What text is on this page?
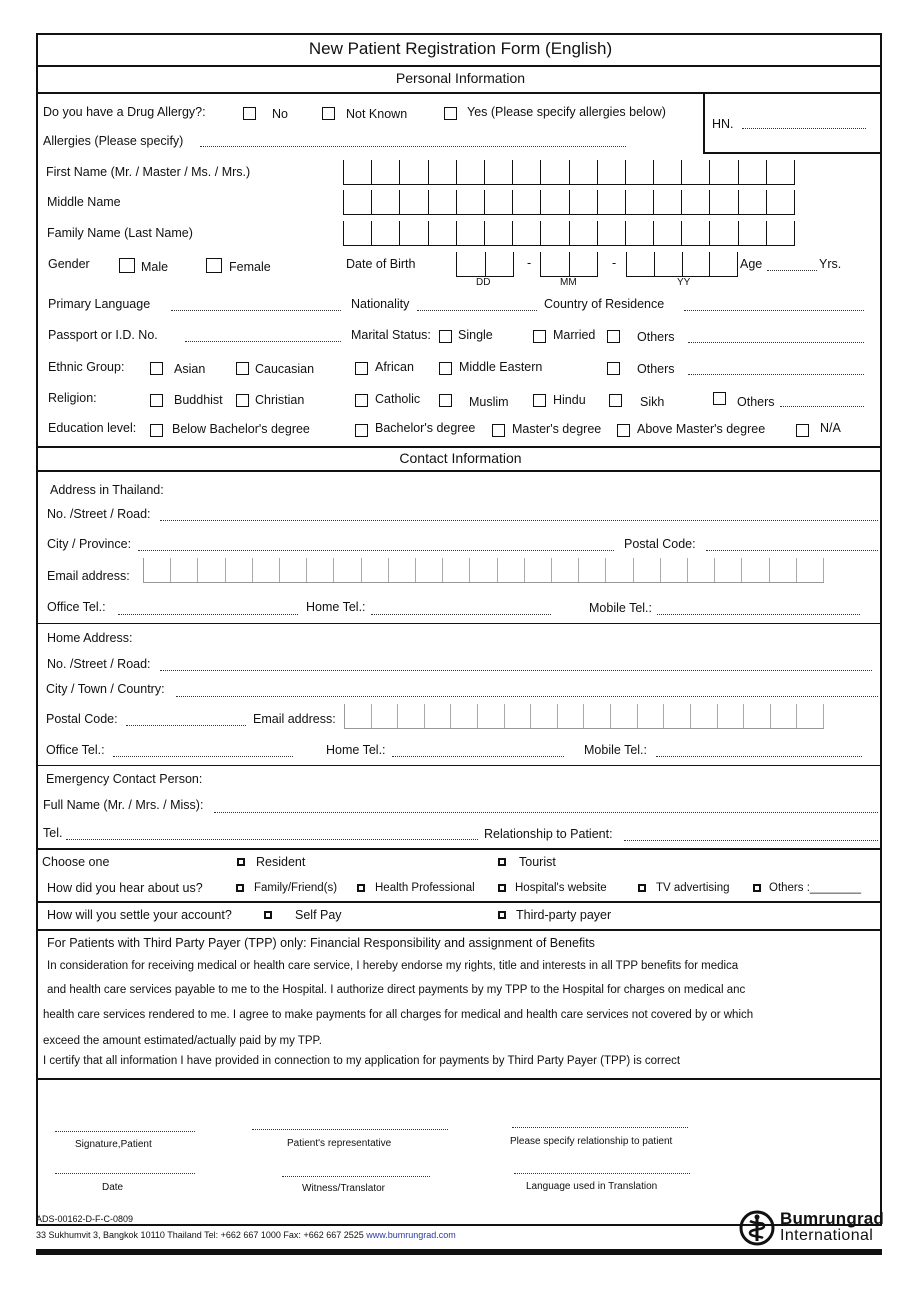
New Patient Registration Form (English)
Personal Information
Do you have a Drug Allergy?:	No	Not Known	Yes (Please specify allergies below)
HN.
Allergies (Please specify)
First Name (Mr. / Master / Ms. / Mrs.)
Middle Name
Family Name (Last Name)
Gender	Male	Female	Date of Birth	-	-
DD	MM	YY
Age	Yrs.
Primary Language	Nationality	Country of Residence
Passport or I.D. No.	Marital Status: Single	Married	Others
Ethnic Group:	Asian	Caucasian	African	Middle Eastern	Others
Religion:	Buddhist	Christian	Catholic	Muslim	Hindu	Sikh	Others
Education level:	Below Bachelor's degree	Bachelor's degree	Master's degree	Above Master's degree	N/A
Contact Information
Address in Thailand:
No. /Street / Road:
City / Province:	Postal Code:
Email address:
Office Tel.:	Home Tel.:	Mobile Tel.:
Home Address:
No. /Street / Road:
City / Town / Country:
Postal Code:	Email address:
Office Tel.:	Home Tel.:	Mobile Tel.:
Emergency Contact Person:
Full Name (Mr. / Mrs. / Miss):
Tel.	Relationship to Patient:
Choose one	Resident	Tourist
How did you hear about us?	Family/Friend(s)	Health Professional	Hospital's website	TV advertising	Others :________
How will you settle your account?	Self Pay	Third-party payer
For Patients with Third Party Payer (TPP) only: Financial Responsibility and assignment of Benefits
In consideration for receiving medical or health care service, I hereby endorse my rights, title and interests in all TPP benefits for medica
and health care services payable to me to the Hospital. I authorize direct payments by my TPP to the Hospital for charges on medical anc
health care services rendered to me. I agree to make payments for all charges for medical and health care services not covered by or which
exceed the amount estimated/actually paid by my TPP.
I certify that all information I have provided in connection to my application for payments by Third Party Payer (TPP) is correct
Signature,Patient	Patient's representative	Please specify relationship to patient
Date	Witness/Translator	Language used in Translation
ADS-00162-D-F-C-0809
33 Sukhumvit 3, Bangkok 10110 Thailand Tel: +662 667 1000 Fax: +662 667 2525 www.bumrungrad.com
Bumrungrad
International
